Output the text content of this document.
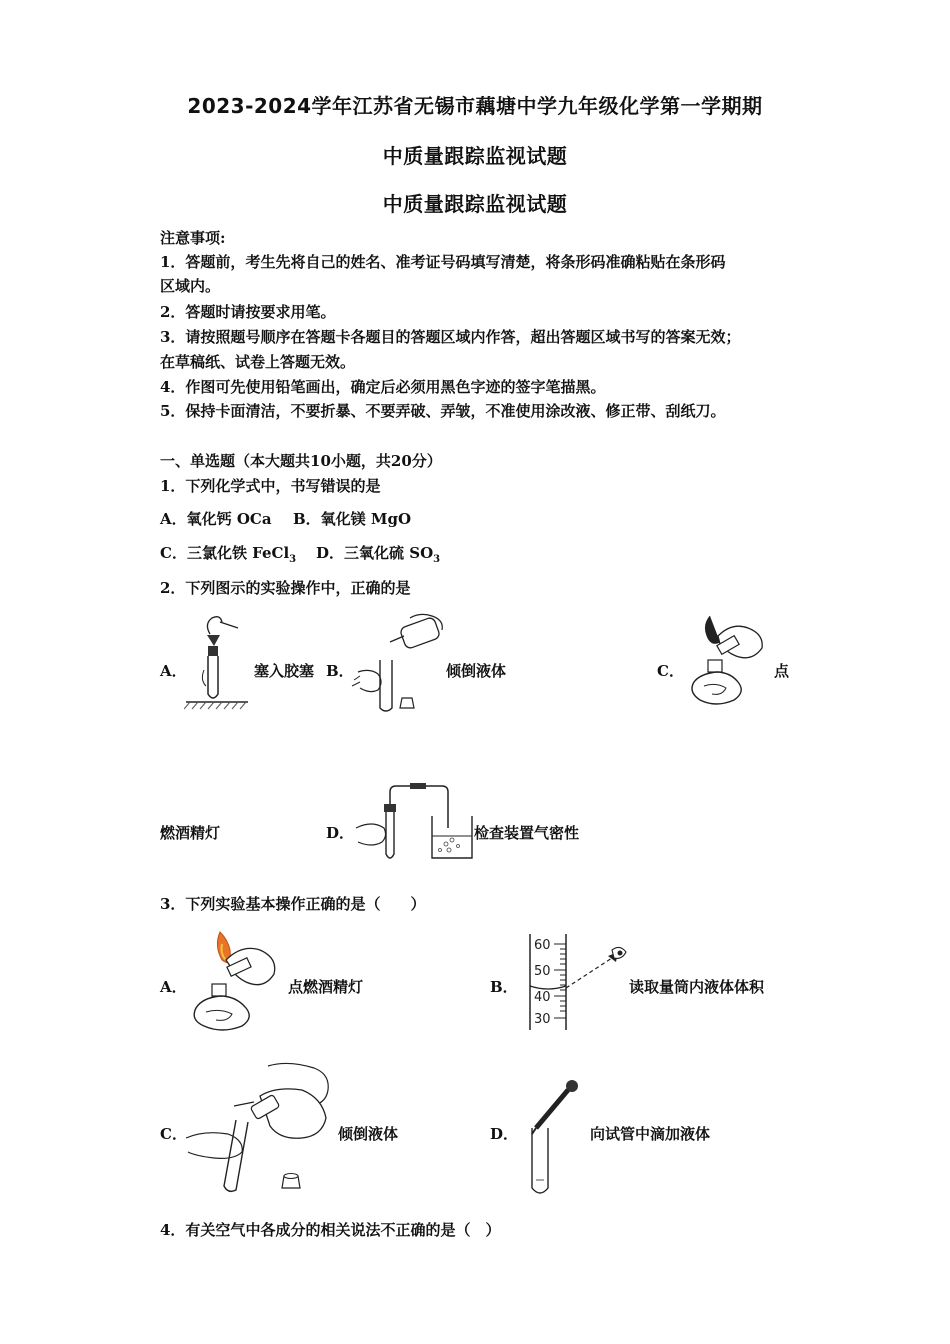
2023-2024学年江苏省无锡市藕塘中学九年级化学第一学期期
中质量跟踪监视试题
中质量跟踪监视试题
注意事项:
1．答题前，考生先将自己的姓名、准考证号码填写清楚，将条形码准确粘贴在条形码
区域内。
2．答题时请按要求用笔。
3．请按照题号顺序在答题卡各题目的答题区域内作答，超出答题区域书写的答案无效；
在草稿纸、试卷上答题无效。
4．作图可先使用铅笔画出，确定后必须用黑色字迹的签字笔描黑。
5．保持卡面清洁，不要折暴、不要弄破、弄皱，不准使用涂改液、修正带、刮纸刀。
一、单选题（本大题共10小题，共20分）
1．下列化学式中，书写错误的是
A．氧化钙 OCa B．氧化镁 MgO
C．三氯化铁 FeCl$_3$ D．三氧化硫 $SO_3$
2．下列图示的实验操作中，正确的是
A．	塞入胶塞 B．	倾倒液体	C．	点
燃酒精灯	D．	检查装置气密性
3．下列实验基本操作正确的是（　　）
A．	点燃酒精灯	B．
60
50
40
30
读取量筒内液体体积
C．	倾倒液体	D．	向试管中滴加液体
4．有关空气中各成分的相关说法不正确的是（　）
